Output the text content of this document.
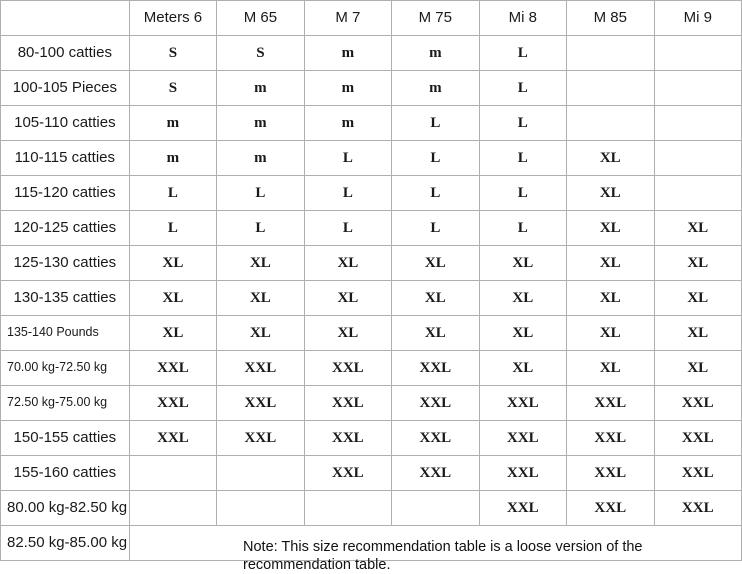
	Meters 6	M 65	M 7	M 75	Mi 8	M 85	Mi 9
80-100 catties	S	S	m	m	L		
100-105 Pieces	S	m	m	m	L		
105-110 catties	m	m	m	L	L		
110-115 catties	m	m	L	L	L	XL	
115-120 catties	L	L	L	L	L	XL	
120-125 catties	L	L	L	L	L	XL	XL
125-130 catties	XL	XL	XL	XL	XL	XL	XL
130-135 catties	XL	XL	XL	XL	XL	XL	XL
135-140 Pounds	XL	XL	XL	XL	XL	XL	XL
70.00 kg-72.50 kg	XXL	XXL	XXL	XXL	XL	XL	XL
72.50 kg-75.00 kg	XXL	XXL	XXL	XXL	XXL	XXL	XXL
150-155 catties	XXL	XXL	XXL	XXL	XXL	XXL	XXL
155-160 catties			XXL	XXL	XXL	XXL	XXL
80.00 kg-82.50 kg					XXL	XXL	XXL
82.50 kg-85.00 kg								Note: This size recommendation table is a loose version of the recommendation table.
